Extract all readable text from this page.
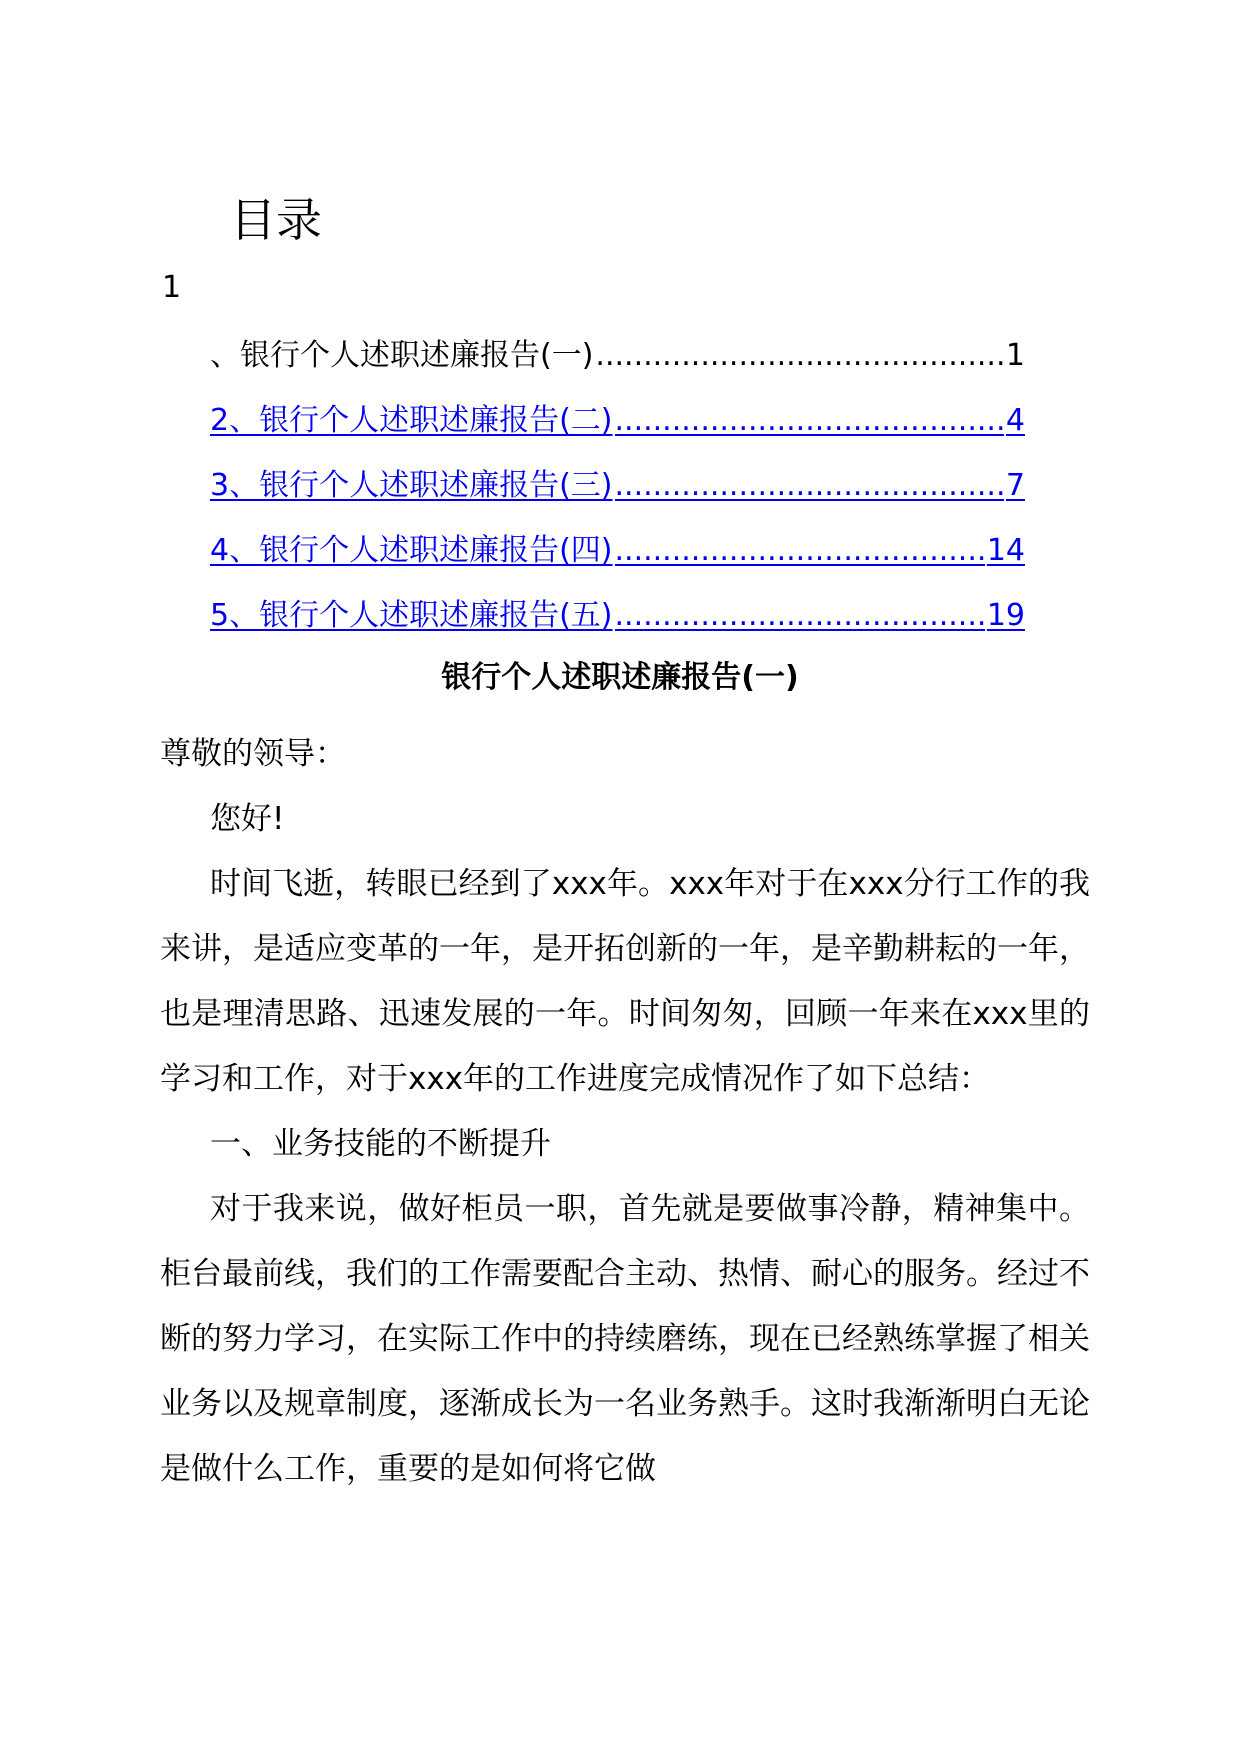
目录
1
、银行个人述职述廉报告(一) .....	1
2、银行个人述职述廉报告(二) .....	4
3、银行个人述职述廉报告(三) .....	7
4、银行个人述职述廉报告(四) .....	14
5、银行个人述职述廉报告(五) .....	19
银行个人述职述廉报告(一)

尊敬的领导：

您好!

时间飞逝，转眼已经到了xxx年。xxx年对于在xxx分行工作的我来讲，是适应变革的一年，是开拓创新的一年，是辛勤耕耘的一年，也是理清思路、迅速发展的一年。时间匆匆，回顾一年来在xxx里的学习和工作，对于xxx年的工作进度完成情况作了如下总结：

一、业务技能的不断提升

对于我来说，做好柜员一职，首先就是要做事冷静，精神集中。柜台最前线，我们的工作需要配合主动、热情、耐心的服务。经过不断的努力学习，在实际工作中的持续磨练，现在已经熟练掌握了相关业务以及规章制度，逐渐成长为一名业务熟手。这时我渐渐明白无论是做什么工作，重要的是如何将它做
